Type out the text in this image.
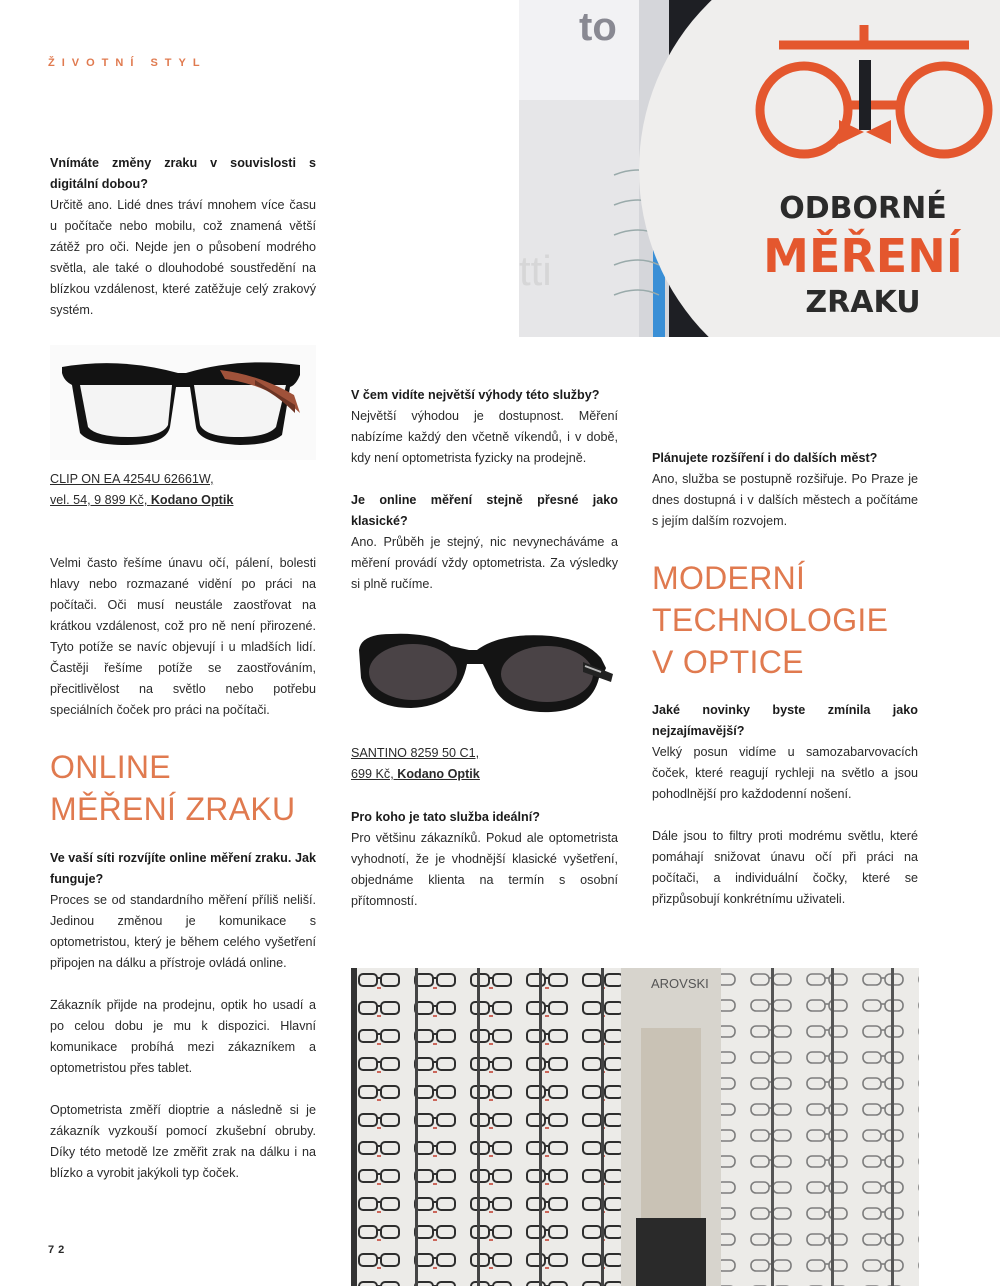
ŽIVOTNÍ STYL
to
tti
ODBORNÉ
MĚŘENÍ
ZRAKU

Vnímáte změny zraku v souvislosti s digitální dobou?
Určitě ano. Lidé dnes tráví mnohem více času u počítače nebo mobilu, což znamená větší zátěž pro oči. Nejde jen o působení modrého světla, ale také o dlouhodobé soustředění na blízkou vzdálenost, které zatěžuje celý zrakový systém.

CLIP ON EA 4254U 62661W,
vel. 54, 9 899 Kč, Kodano Optik

Velmi často řešíme únavu očí, pálení, bolesti hlavy nebo rozmazané vidění po práci na počítači. Oči musí neustále zaostřovat na krátkou vzdálenost, což pro ně není přirozené. Tyto potíže se navíc objevují i u mladších lidí. Častěji řešíme potíže se zaostřováním, přecitlivělost na světlo nebo potřebu speciálních čoček pro práci na počítači.

ONLINE

MĚŘENÍ ZRAKU

Ve vaší síti rozvíjíte online měření zraku. Jak funguje?
Proces se od standardního měření příliš neliší. Jedinou změnou je komunikace s optometristou, který je během celého vyšetření připojen na dálku a přístroje ovládá online.

Zákazník přijde na prodejnu, optik ho usadí a po celou dobu je mu k dispozici. Hlavní komunikace probíhá mezi zákazníkem a optometristou přes tablet.

Optometrista změří dioptrie a následně si je zákazník vyzkouší pomocí zkušební obruby. Díky této metodě lze změřit zrak na dálku i na blízko a vyrobit jakýkoli typ čoček.

V čem vidíte největší výhody této služby?
Největší výhodou je dostupnost. Měření nabízíme každý den včetně víkendů, i v době, kdy není optometrista fyzicky na prodejně.

Je online měření stejně přesné jako klasické?
Ano. Průběh je stejný, nic nevynecháváme a měření provádí vždy optometrista. Za výsledky si plně ručíme.

SANTINO 8259 50 C1,
699 Kč, Kodano Optik

Pro koho je tato služba ideální?
Pro většinu zákazníků. Pokud ale optometrista vyhodnotí, že je vhodnější klasické vyšetření, objednáme klienta na termín s osobní přítomností.

Plánujete rozšíření i do dalších měst?
Ano, služba se postupně rozšiřuje. Po Praze je dnes dostupná i v dalších městech a počítáme s jejím dalším rozvojem.

MODERNÍ

TECHNOLOGIE

V OPTICE

Jaké novinky byste zmínila jako nejzajímavější?
Velký posun vidíme u samozabarvovacích čoček, které reagují rychleji na světlo a jsou pohodlnější pro každodenní nošení.

Dále jsou to filtry proti modrému světlu, které pomáhají snižovat únavu očí při práci na počítači, a individuální čočky, které se přizpůsobují konkrétnímu uživateli.

AROVSKI
72
